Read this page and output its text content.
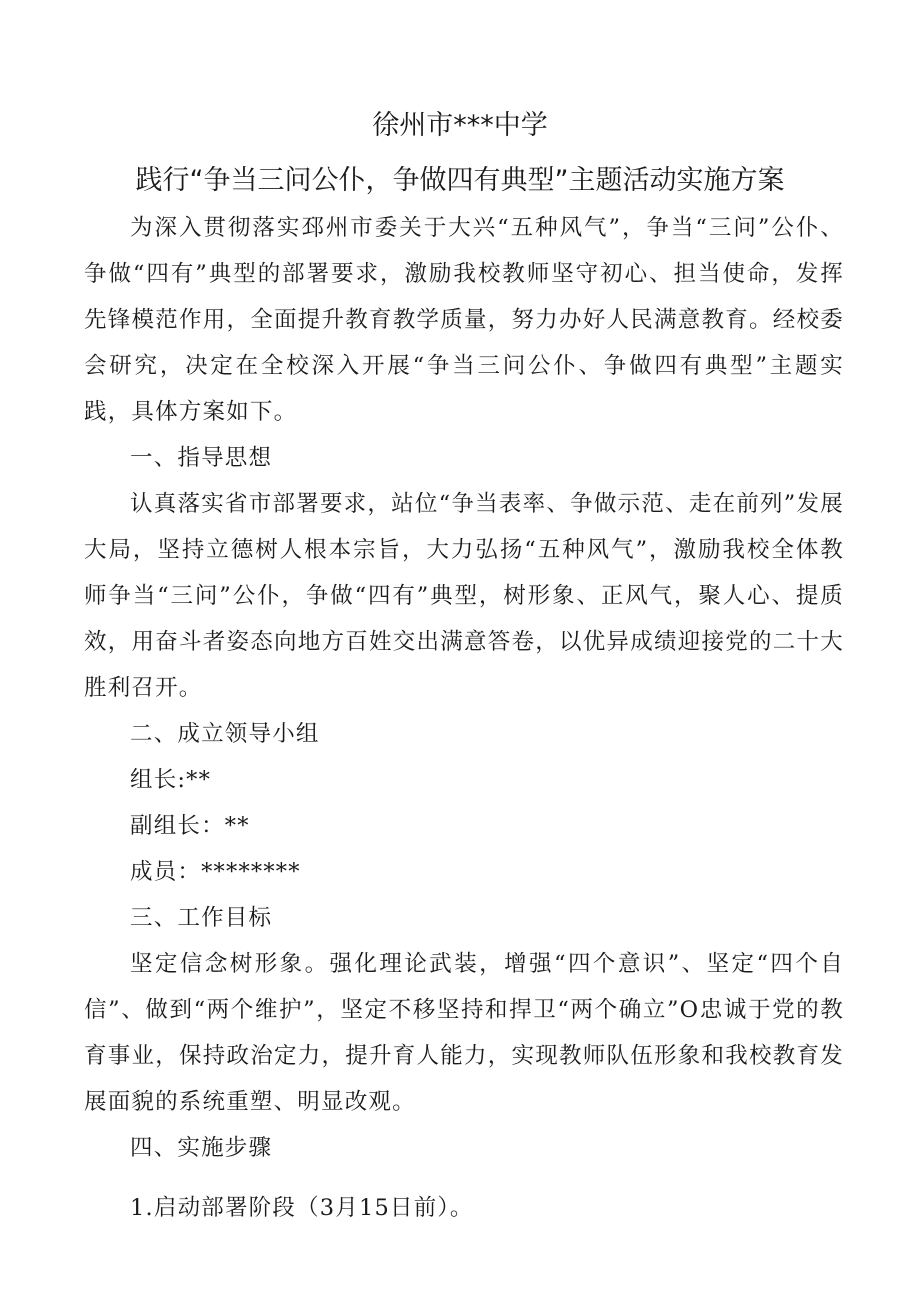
徐州市***中学
践行“争当三问公仆，争做四有典型”主题活动实施方案

为深入贯彻落实邳州市委关于大兴“五种风气”，争当“三问”公仆、争做“四有”典型的部署要求，激励我校教师坚守初心、担当使命，发挥先锋模范作用，全面提升教育教学质量，努力办好人民满意教育。经校委会研究，决定在全校深入开展“争当三问公仆、争做四有典型”主题实践，具体方案如下。

一、指导思想

认真落实省市部署要求，站位“争当表率、争做示范、走在前列”发展大局，坚持立德树人根本宗旨，大力弘扬“五种风气”，激励我校全体教师争当“三问”公仆，争做“四有”典型，树形象、正风气，聚人心、提质效，用奋斗者姿态向地方百姓交出满意答卷，以优异成绩迎接党的二十大胜利召开。

二、成立领导小组

组长:**

副组长：**

成员：********

三、工作目标

坚定信念树形象。强化理论武装，增强“四个意识”、坚定“四个自信”、做到“两个维护”，坚定不移坚持和捍卫“两个确立”O忠诚于党的教育事业，保持政治定力，提升育人能力，实现教师队伍形象和我校教育发展面貌的系统重塑、明显改观。

四、实施步骤

1.启动部署阶段（3月15日前）。
